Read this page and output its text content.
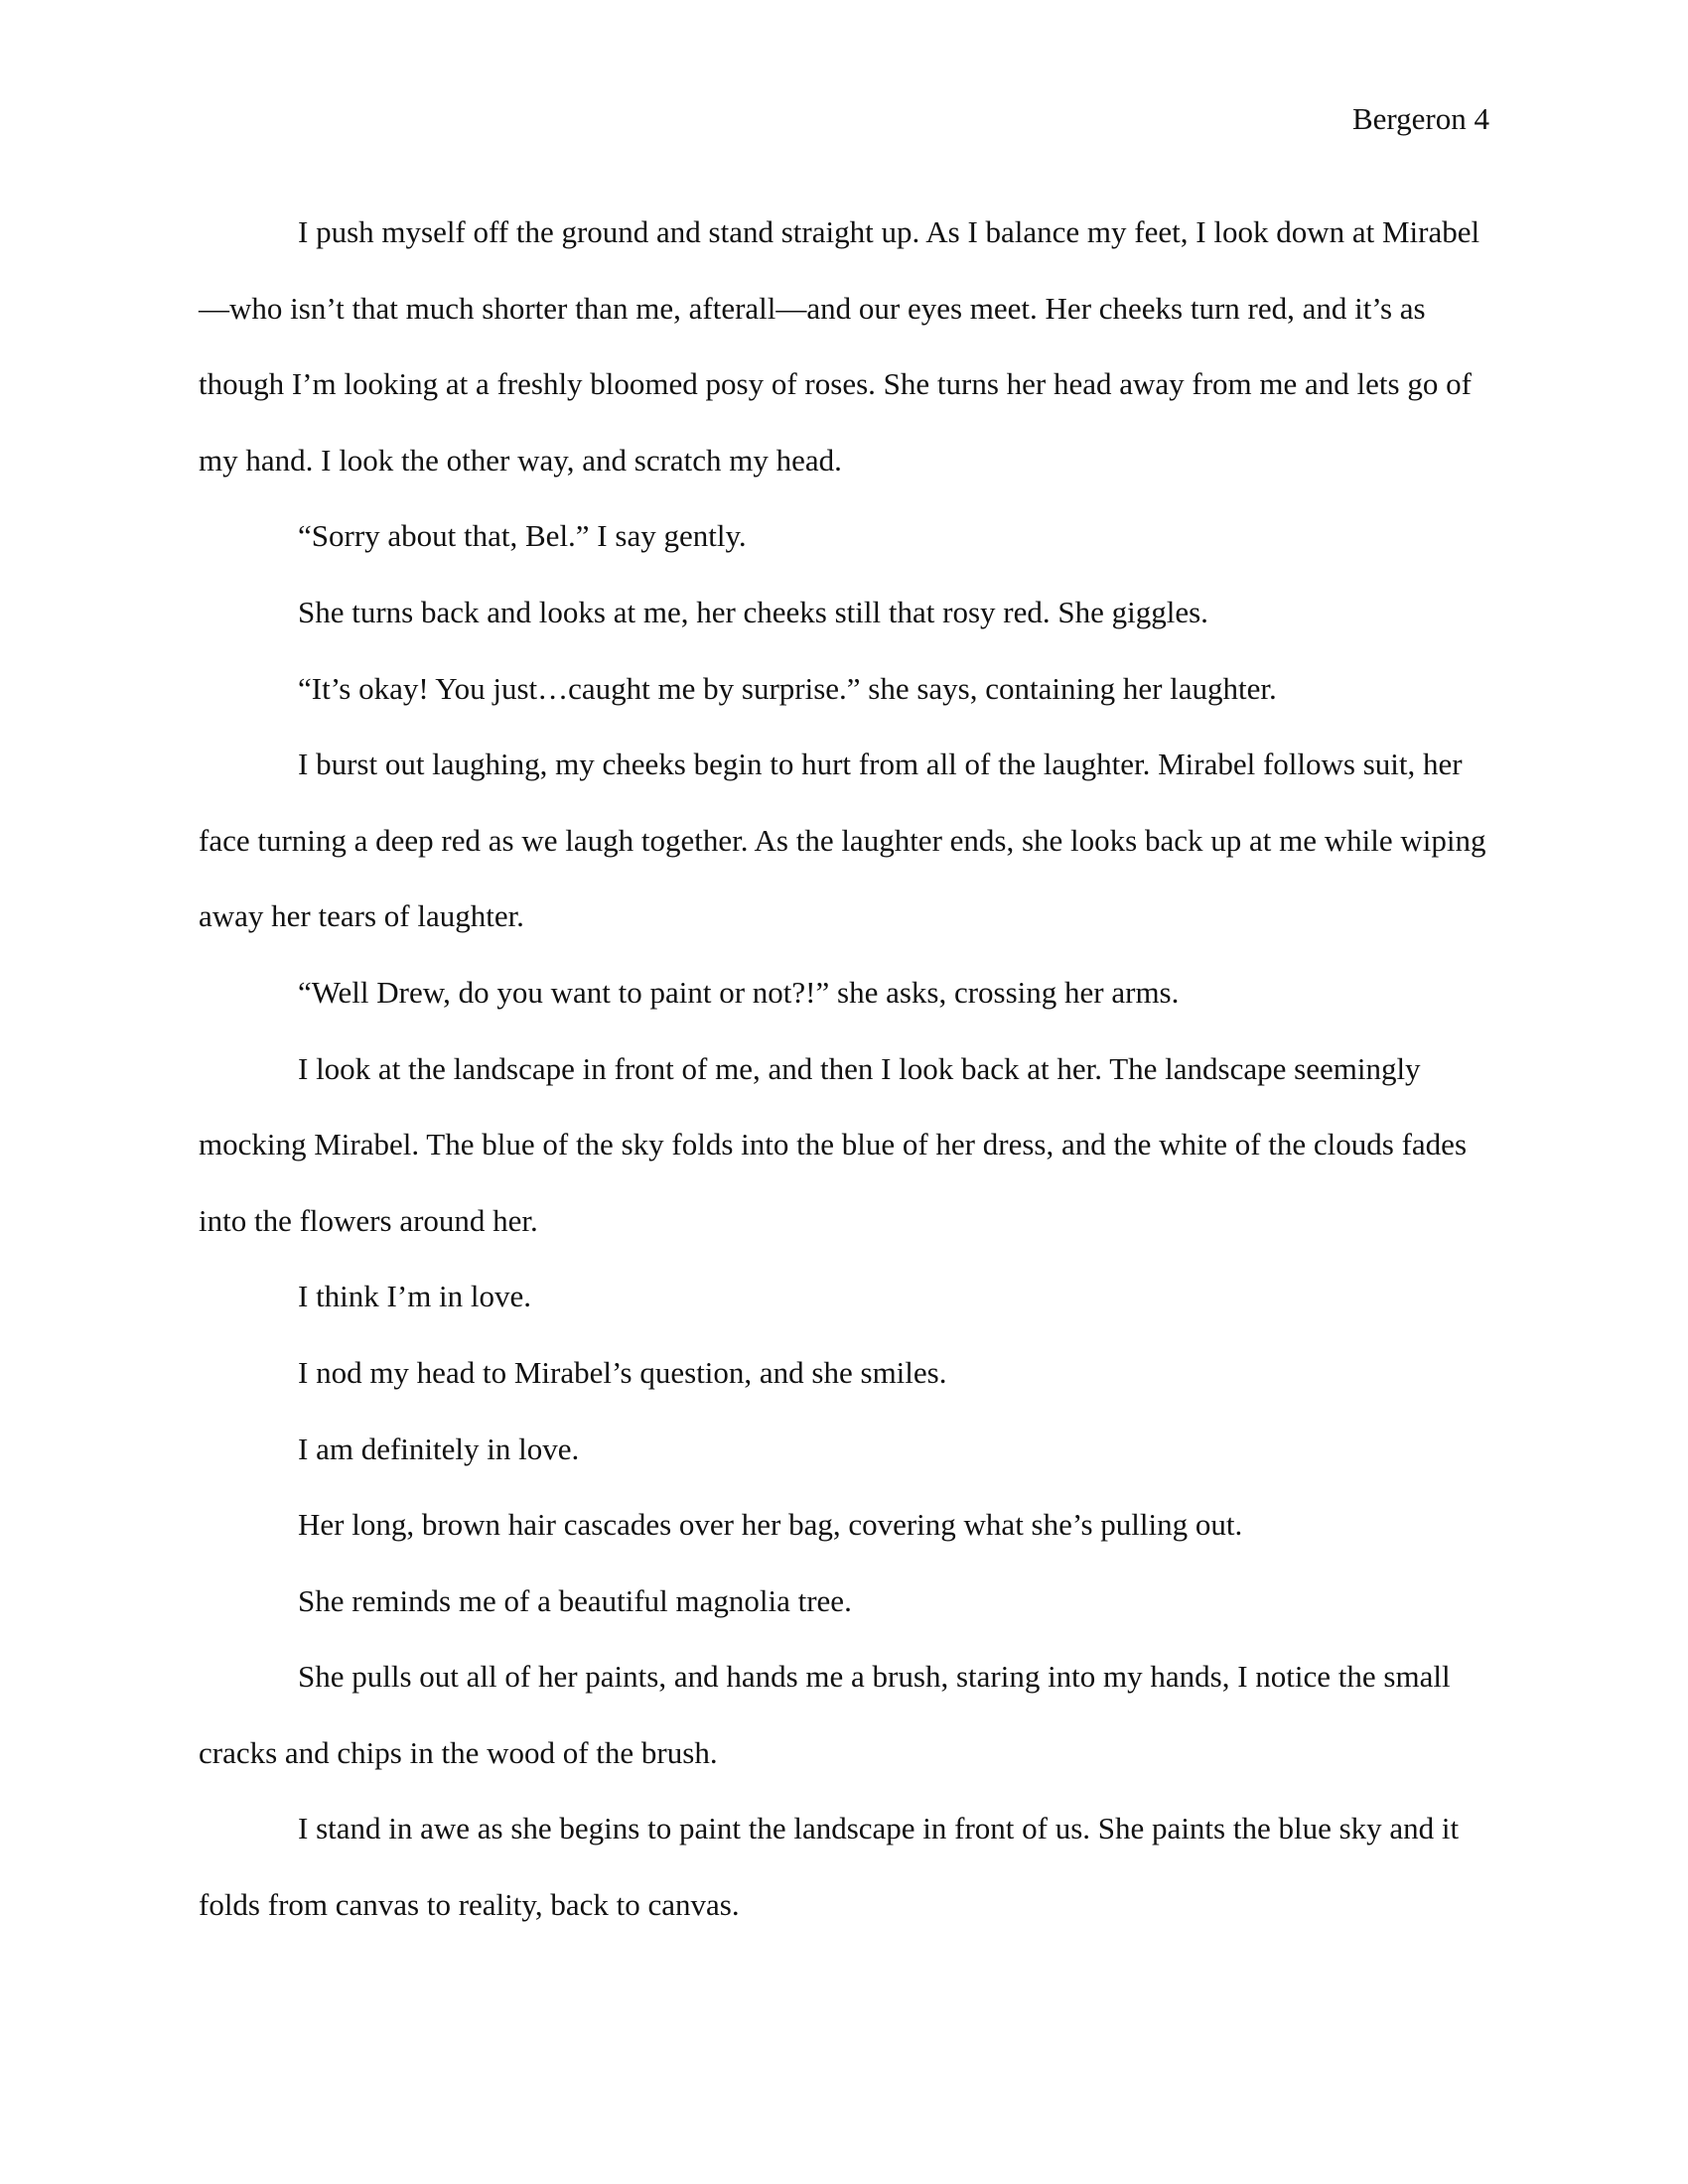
Bergeron 4

I push myself off the ground and stand straight up. As I balance my feet, I look down at Mirabel—who isn’t that much shorter than me, afterall—and our eyes meet. Her cheeks turn red, and it’s as though I’m looking at a freshly bloomed posy of roses. She turns her head away from me and lets go of my hand. I look the other way, and scratch my head.

“Sorry about that, Bel.” I say gently.

She turns back and looks at me, her cheeks still that rosy red. She giggles.

“It’s okay! You just…caught me by surprise.” she says, containing her laughter.

I burst out laughing, my cheeks begin to hurt from all of the laughter. Mirabel follows suit, her face turning a deep red as we laugh together. As the laughter ends, she looks back up at me while wiping away her tears of laughter.

“Well Drew, do you want to paint or not?!” she asks, crossing her arms.

I look at the landscape in front of me, and then I look back at her. The landscape seemingly mocking Mirabel. The blue of the sky folds into the blue of her dress, and the white of the clouds fades into the flowers around her.

I think I’m in love.

I nod my head to Mirabel’s question, and she smiles.

I am definitely in love.

Her long, brown hair cascades over her bag, covering what she’s pulling out.

She reminds me of a beautiful magnolia tree.

She pulls out all of her paints, and hands me a brush, staring into my hands, I notice the small cracks and chips in the wood of the brush.

I stand in awe as she begins to paint the landscape in front of us. She paints the blue sky and it folds from canvas to reality, back to canvas.
